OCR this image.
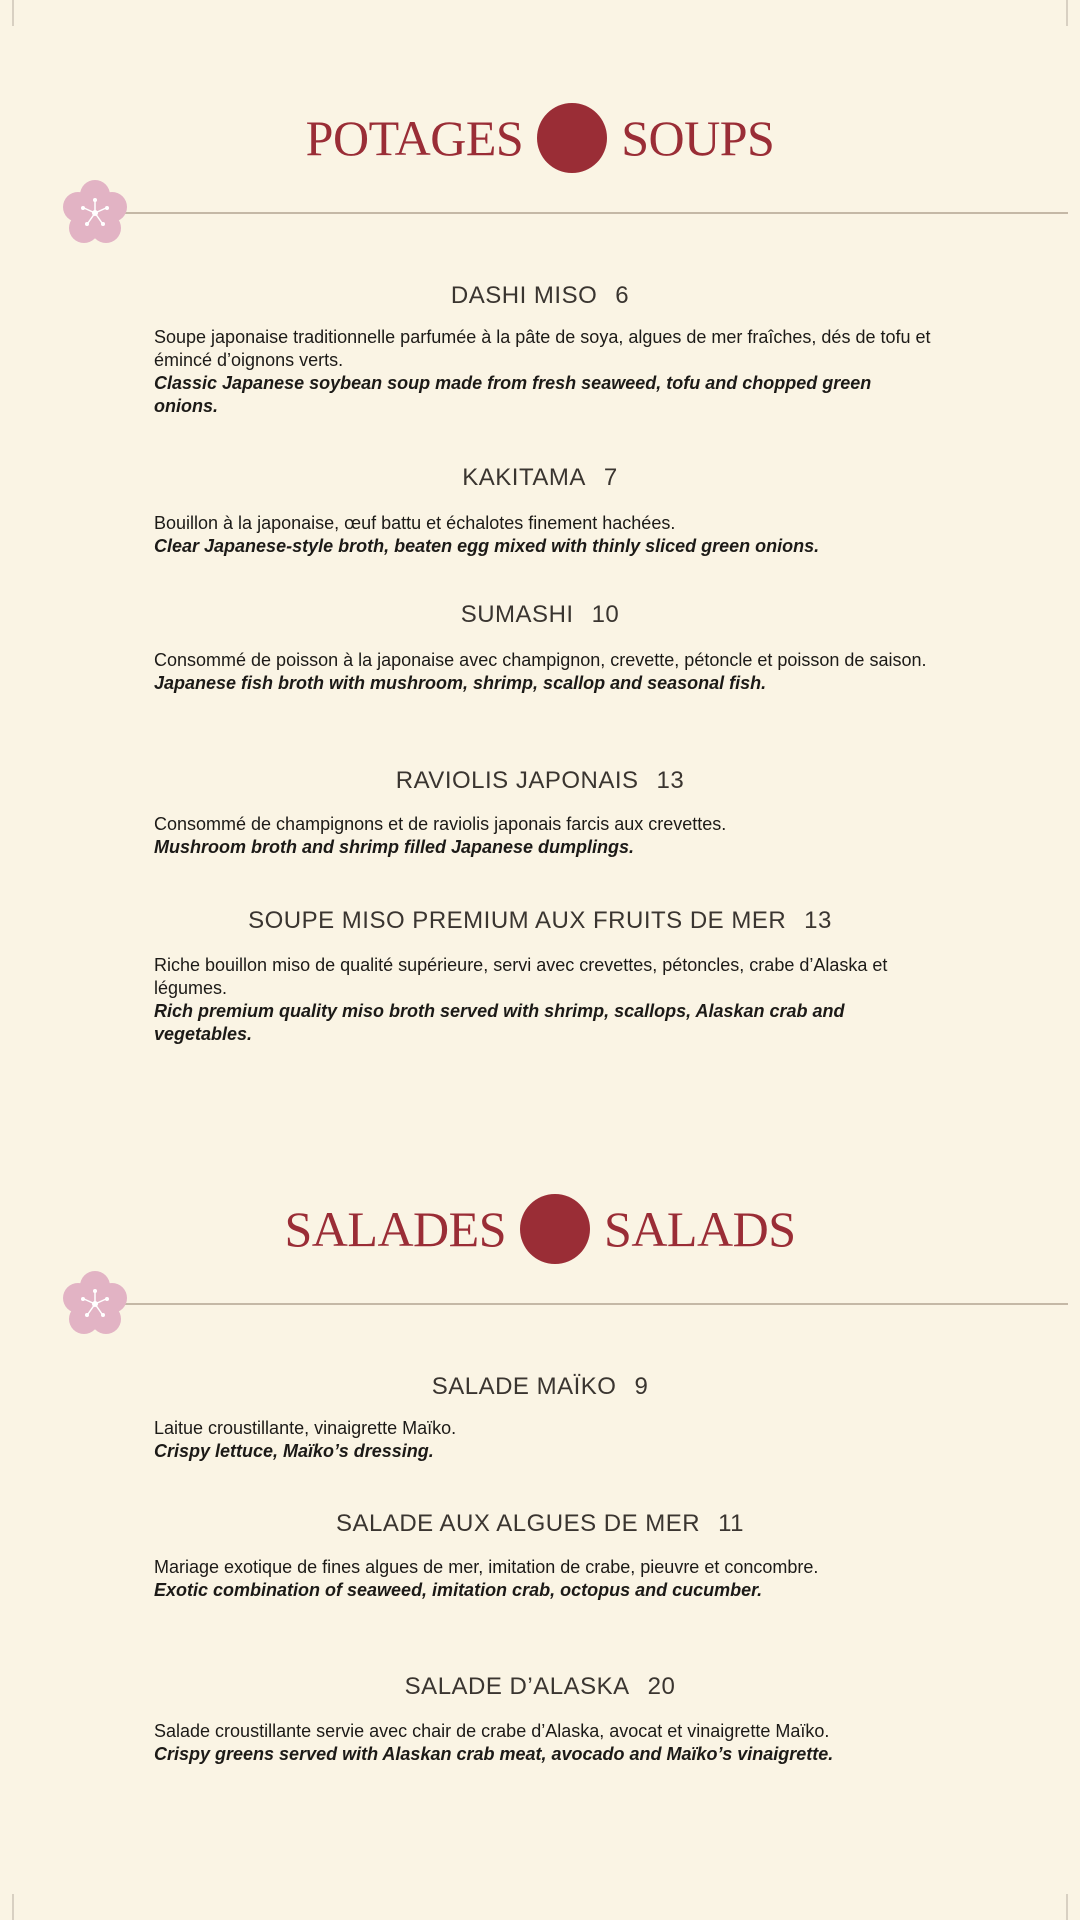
POTAGES SOUPS
DASHI MISO 6
Soupe japonaise traditionnelle parfumée à la pâte de soya, algues de mer fraîches, dés de tofu et émincé d’oignons verts.
Classic Japanese soybean soup made from fresh seaweed, tofu and chopped green onions.
KAKITAMA 7
Bouillon à la japonaise, œuf battu et échalotes finement hachées.
Clear Japanese-style broth, beaten egg mixed with thinly sliced green onions.
SUMASHI 10
Consommé de poisson à la japonaise avec champignon, crevette, pétoncle et poisson de saison.
Japanese fish broth with mushroom, shrimp, scallop and seasonal fish.
RAVIOLIS JAPONAIS 13
Consommé de champignons et de raviolis japonais farcis aux crevettes.
Mushroom broth and shrimp filled Japanese dumplings.
SOUPE MISO PREMIUM AUX FRUITS DE MER 13
Riche bouillon miso de qualité supérieure, servi avec crevettes, pétoncles, crabe d’Alaska et légumes.
Rich premium quality miso broth served with shrimp, scallops, Alaskan crab and vegetables.
SALADES SALADS
SALADE MAÏKO 9
Laitue croustillante, vinaigrette Maïko.
Crispy lettuce, Maïko’s dressing.
SALADE AUX ALGUES DE MER 11
Mariage exotique de fines algues de mer, imitation de crabe, pieuvre et concombre.
Exotic combination of seaweed, imitation crab, octopus and cucumber.
SALADE D’ALASKA 20
Salade croustillante servie avec chair de crabe d’Alaska, avocat et vinaigrette Maïko.
Crispy greens served with Alaskan crab meat, avocado and Maïko’s vinaigrette.
